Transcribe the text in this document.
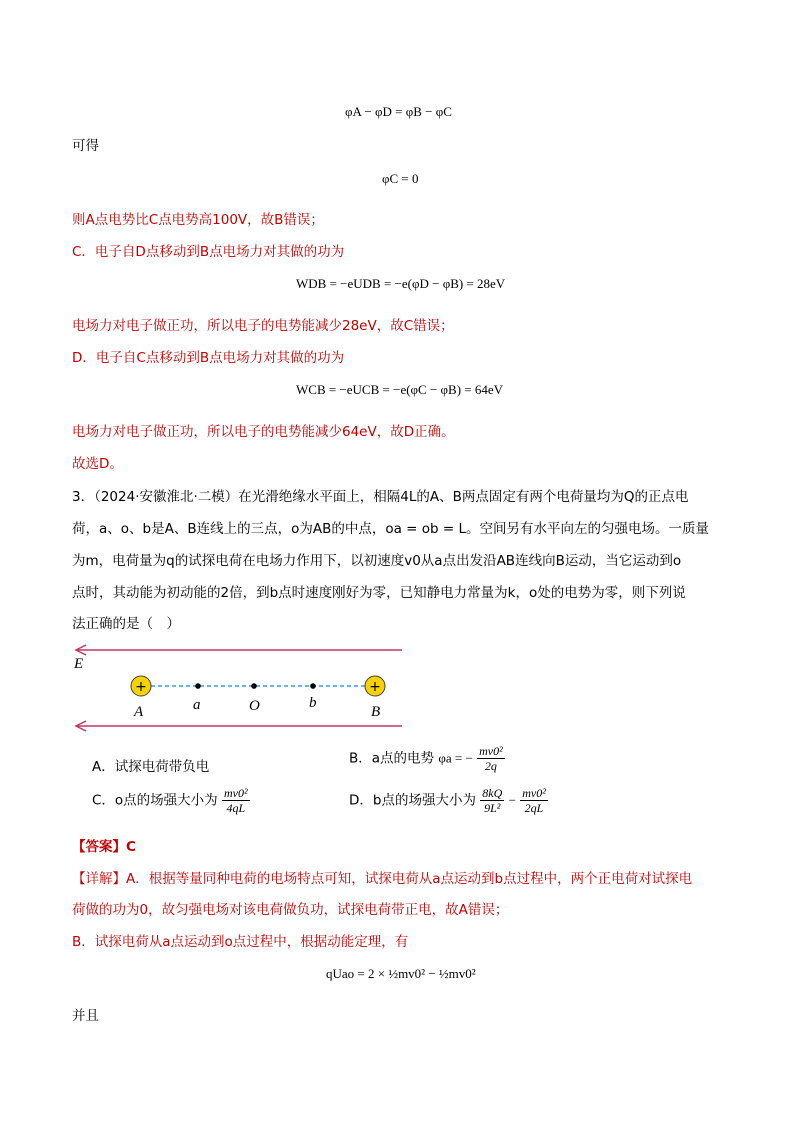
φA − φD = φB − φC
可得
φC = 0
则A点电势比C点电势高100V，故B错误；
C．电子自D点移动到B点电场力对其做的功为
WDB = −eUDB = −e(φD − φB) = 28eV
电场力对电子做正功，所以电子的电势能减少28eV，故C错误；
D．电子自C点移动到B点电场力对其做的功为
WCB = −eUCB = −e(φC − φB) = 64eV
电场力对电子做正功，所以电子的电势能减少64eV，故D正确。
故选D。
3．（2024·安徽淮北·二模）在光滑绝缘水平面上，相隔4L的A、B两点固定有两个电荷量均为Q的正点电
荷，a、o、b是A、B连线上的三点，o为AB的中点，oa = ob = L。空间另有水平向左的匀强电场。一质量
为m，电荷量为q的试探电荷在电场力作用下，以初速度v0从a点出发沿AB连线向B运动，当它运动到o
点时，其动能为初动能的2倍，到b点时速度刚好为零，已知静电力常量为k，o处的电势为零，则下列说
法正确的是（　）
E
+	+
A	a	O	b
B
A．试探电荷带负电
B．a点的电势 φa = − $\frac{\text{mv0²}}{2q}$
C．o点的场强大小为 $\frac{\text{mv0²}}{4qL}$	D．b点的场强大小为 $\frac{8kQ}{\text{9L²}} - \frac{\text{mv0²}}{2qL}$
【答案】C
【详解】A．根据等量同种电荷的电场特点可知，试探电荷从a点运动到b点过程中，两个正电荷对试探电
荷做的功为0，故匀强电场对该电荷做负功，试探电荷带正电，故A错误；
B．试探电荷从a点运动到o点过程中，根据动能定理，有
qUao = 2 × ½mv0² − ½mv0²
并且
